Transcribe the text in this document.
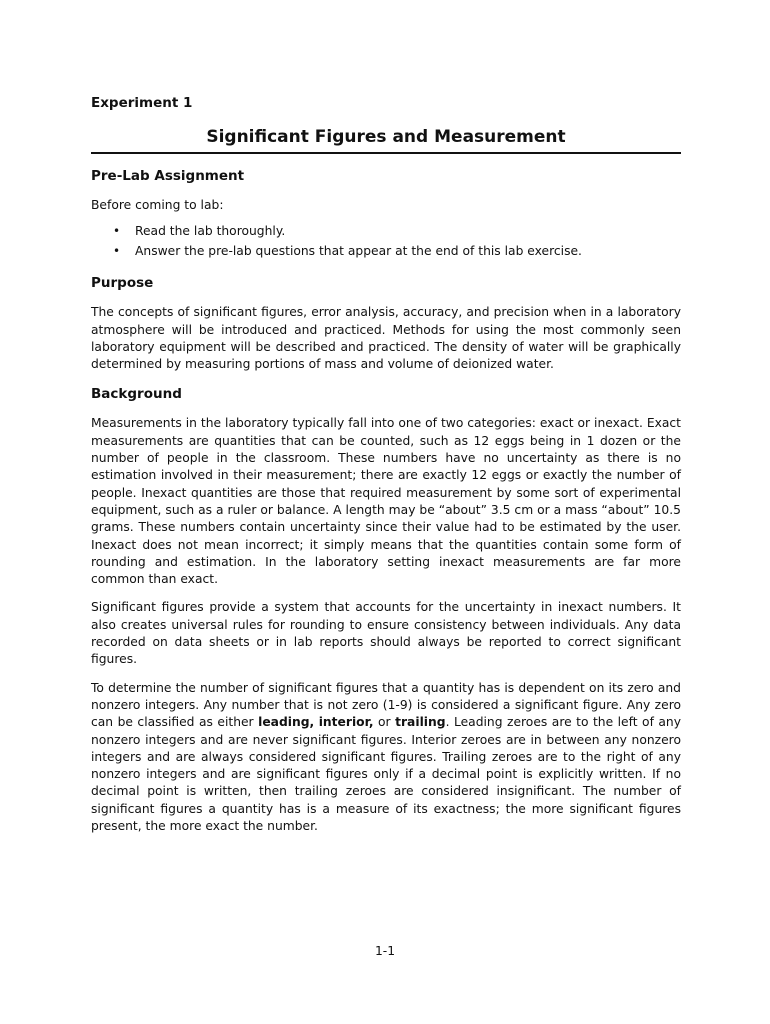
Experiment 1

Significant Figures and Measurement
Pre-Lab Assignment

Before coming to lab:

• Read the lab thoroughly.
• Answer the pre-lab questions that appear at the end of this lab exercise.
Purpose

The concepts of significant figures, error analysis, accuracy, and precision when in a laboratory atmosphere will be introduced and practiced. Methods for using the most commonly seen laboratory equipment will be described and practiced. The density of water will be graphically determined by measuring portions of mass and volume of deionized water.

Background

Measurements in the laboratory typically fall into one of two categories: exact or inexact. Exact measurements are quantities that can be counted, such as 12 eggs being in 1 dozen or the number of people in the classroom. These numbers have no uncertainty as there is no estimation involved in their measurement; there are exactly 12 eggs or exactly the number of people. Inexact quantities are those that required measurement by some sort of experimental equipment, such as a ruler or balance. A length may be “about” 3.5 cm or a mass “about” 10.5 grams. These numbers contain uncertainty since their value had to be estimated by the user. Inexact does not mean incorrect; it simply means that the quantities contain some form of rounding and estimation. In the laboratory setting inexact measurements are far more common than exact.

Significant figures provide a system that accounts for the uncertainty in inexact numbers. It also creates universal rules for rounding to ensure consistency between individuals. Any data recorded on data sheets or in lab reports should always be reported to correct significant figures.

To determine the number of significant figures that a quantity has is dependent on its zero and nonzero integers. Any number that is not zero (1-9) is considered a significant figure. Any zero can be classified as either leading, interior, or trailing. Leading zeroes are to the left of any nonzero integers and are never significant figures. Interior zeroes are in between any nonzero integers and are always considered significant figures. Trailing zeroes are to the right of any nonzero integers and are significant figures only if a decimal point is explicitly written. If no decimal point is written, then trailing zeroes are considered insignificant. The number of significant figures a quantity has is a measure of its exactness; the more significant figures present, the more exact the number.

1-1
